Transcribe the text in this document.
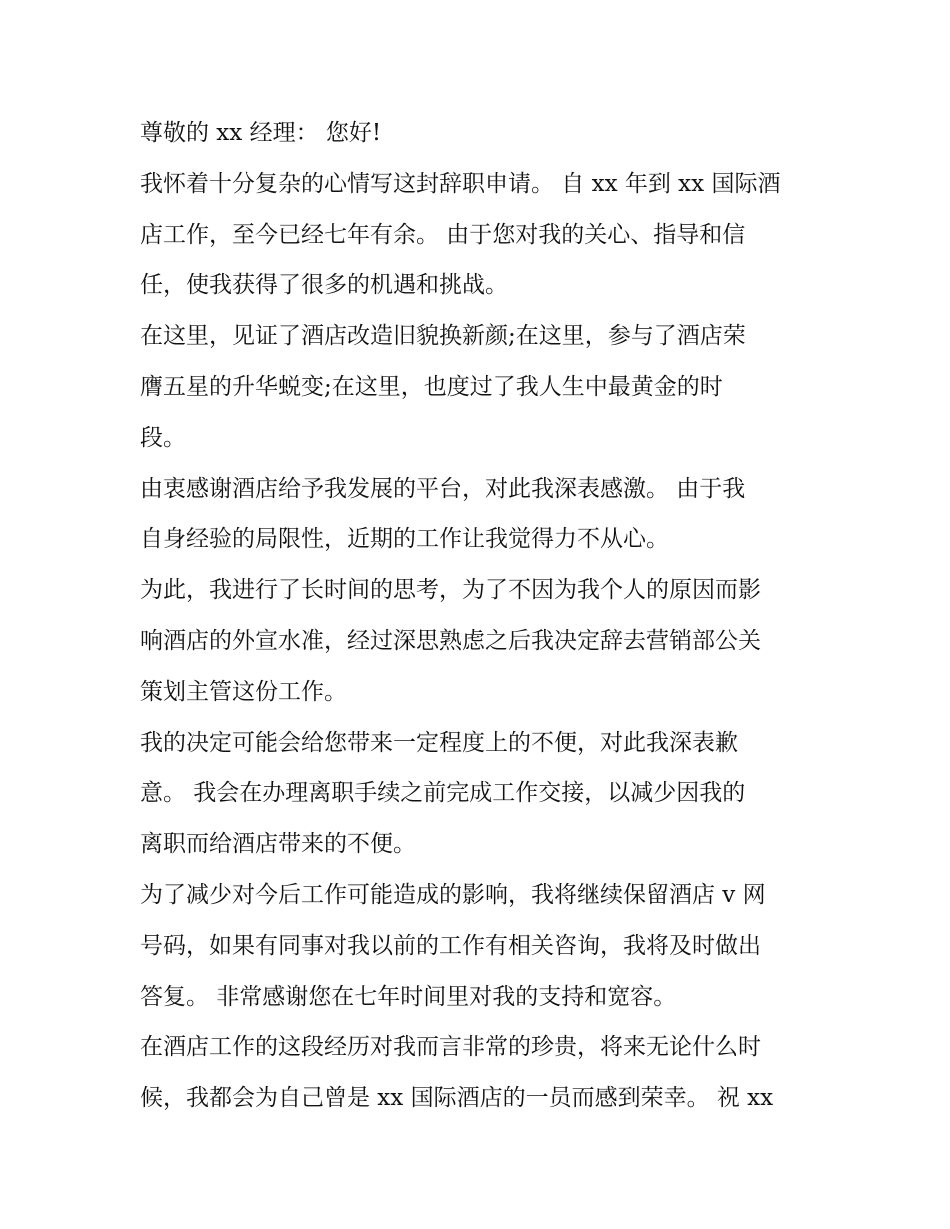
尊敬的 xx 经理： 您好!
我怀着十分复杂的心情写这封辞职申请。 自 xx 年到 xx 国际酒
店工作，至今已经七年有余。 由于您对我的关心、指导和信
任，使我获得了很多的机遇和挑战。
在这里，见证了酒店改造旧貌换新颜;在这里，参与了酒店荣
膺五星的升华蜕变;在这里，也度过了我人生中最黄金的时
段。
由衷感谢酒店给予我发展的平台，对此我深表感激。 由于我
自身经验的局限性，近期的工作让我觉得力不从心。
为此，我进行了长时间的思考，为了不因为我个人的原因而影
响酒店的外宣水准，经过深思熟虑之后我决定辞去营销部公关
策划主管这份工作。
我的决定可能会给您带来一定程度上的不便，对此我深表歉
意。 我会在办理离职手续之前完成工作交接，以减少因我的
离职而给酒店带来的不便。
为了减少对今后工作可能造成的影响，我将继续保留酒店 v 网
号码，如果有同事对我以前的工作有相关咨询，我将及时做出
答复。 非常感谢您在七年时间里对我的支持和宽容。
在酒店工作的这段经历对我而言非常的珍贵，将来无论什么时
候，我都会为自己曾是 xx 国际酒店的一员而感到荣幸。 祝 xx
